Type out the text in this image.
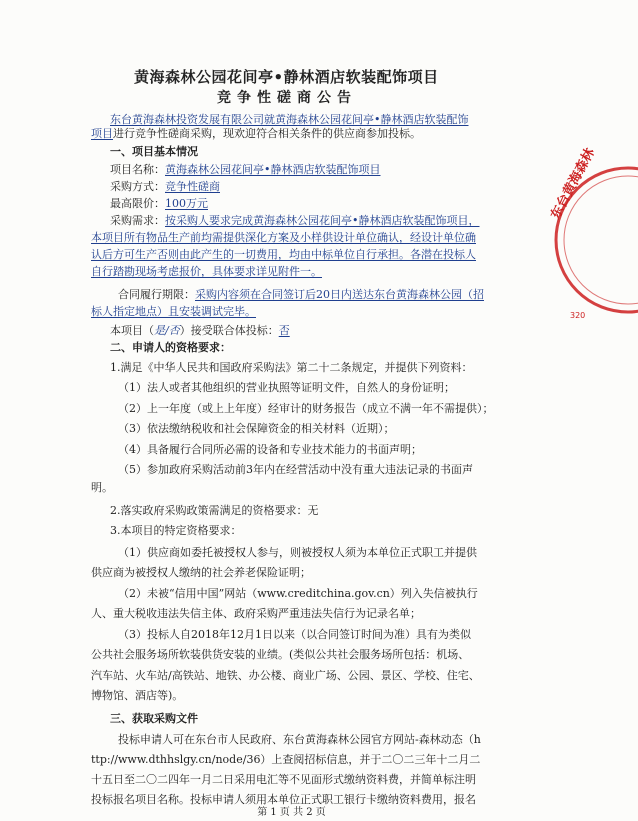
黄海森林公园花间亭•静林酒店软装配饰项目
竞争性磋商公告
东台黄海森林投资发展有限公司就黄海森林公园花间亭•静林酒店软装配饰
项目进行竞争性磋商采购，现欢迎符合相关条件的供应商参加投标。
一、项目基本情况
项目名称：黄海森林公园花间亭•静林酒店软装配饰项目
采购方式：竞争性磋商
最高限价：100万元
采购需求：按采购人要求完成黄海森林公园花间亭•静林酒店软装配饰项目，
本项目所有物品生产前均需提供深化方案及小样供设计单位确认，经设计单位确
认后方可生产否则由此产生的一切费用，均由中标单位自行承担。各潜在投标人
自行踏勘现场考虑报价，具体要求详见附件一。
合同履行期限：采购内容须在合同签订后20日内送达东台黄海森林公园（招
标人指定地点）且安装调试完毕。
本项目（是/否）接受联合体投标：否
二、申请人的资格要求：
1.满足《中华人民共和国政府采购法》第二十二条规定，并提供下列资料：
（1）法人或者其他组织的营业执照等证明文件，自然人的身份证明；
（2）上一年度（或上上年度）经审计的财务报告（成立不满一年不需提供）；
（3）依法缴纳税收和社会保障资金的相关材料（近期）；
（4）具备履行合同所必需的设备和专业技术能力的书面声明；
（5）参加政府采购活动前3年内在经营活动中没有重大违法记录的书面声
明。
2.落实政府采购政策需满足的资格要求：无
3.本项目的特定资格要求：
（1）供应商如委托被授权人参与，则被授权人须为本单位正式职工并提供
供应商为被授权人缴纳的社会养老保险证明；
（2）未被“信用中国”网站（www.creditchina.gov.cn）列入失信被执行
人、重大税收违法失信主体、政府采购严重违法失信行为记录名单；
（3）投标人自2018年12月1日以来（以合同签订时间为准）具有为类似
公共社会服务场所软装供货安装的业绩。(类似公共社会服务场所包括：机场、
汽车站、火车站/高铁站、地铁、办公楼、商业广场、公园、景区、学校、住宅、
博物馆、酒店等)。
三、获取采购文件
投标申请人可在东台市人民政府、东台黄海森林公园官方网站-森林动态（h
ttp://www.dthhslgy.cn/node/36）上查阅招标信息，并于二〇二三年十二月二
十五日至二〇二四年一月二日采用电汇等不见面形式缴纳资料费，并简单标注明
投标报名项目名称。投标申请人须用本单位正式职工银行卡缴纳资料费用，报名
东台黄海森林
320
第 1 页 共 2 页
